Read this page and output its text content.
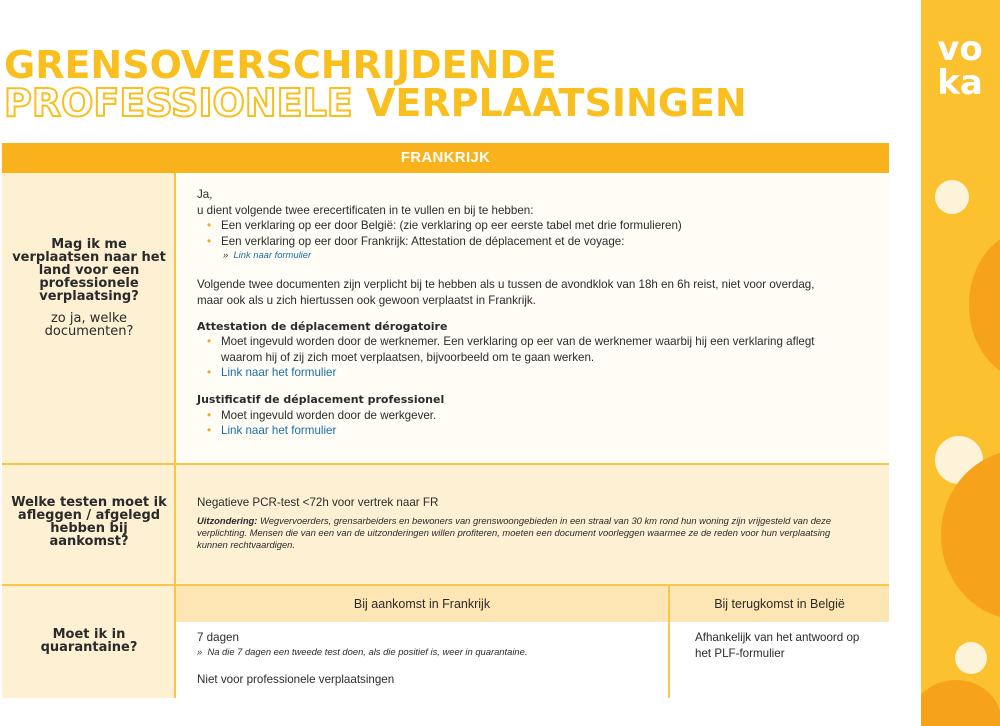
GRENSOVERSCHRIJDENDE
PROFESSIONELE VERPLAATSINGEN
vo
ka
FRANKRIJK
Mag ik me verplaatsen naar het land voor een professionele verplaatsing?
zo ja, welke documenten?
Ja,
u dient volgende twee erecertificaten in te vullen en bij te hebben:
• Een verklaring op eer door België: (zie verklaring op eer eerste tabel met drie formulieren)
• Een verklaring op eer door Frankrijk: Attestation de déplacement et de voyage:
» Link naar formulier
Volgende twee documenten zijn verplicht bij te hebben als u tussen de avondklok van 18h en 6h reist, niet voor overdag, maar ook als u zich hiertussen ook gewoon verplaatst in Frankrijk.
Attestation de déplacement dérogatoire
• Moet ingevuld worden door de werknemer. Een verklaring op eer van de werknemer waarbij hij een verklaring aflegt waarom hij of zij zich moet verplaatsen, bijvoorbeeld om te gaan werken.
• Link naar het formulier
Justificatif de déplacement professionel
• Moet ingevuld worden door de werkgever.
• Link naar het formulier
Welke testen moet ik afleggen / afgelegd hebben bij aankomst?
Negatieve PCR-test <72h voor vertrek naar FR
Uitzondering: Wegvervoerders, grensarbeiders en bewoners van grenswoongebieden in een straal van 30 km rond hun woning zijn vrijgesteld van deze verplichting. Mensen die van een van de uitzonderingen willen profiteren, moeten een document voorleggen waarmee ze de reden voor hun verplaatsing kunnen rechtvaardigen.
Moet ik in quarantaine?
Bij aankomst in Frankrijk	Bij terugkomst in België
7 dagen
» Na die 7 dagen een tweede test doen, als die positief is, weer in quarantaine.
Niet voor professionele verplaatsingen
Afhankelijk van het antwoord op het PLF-formulier
